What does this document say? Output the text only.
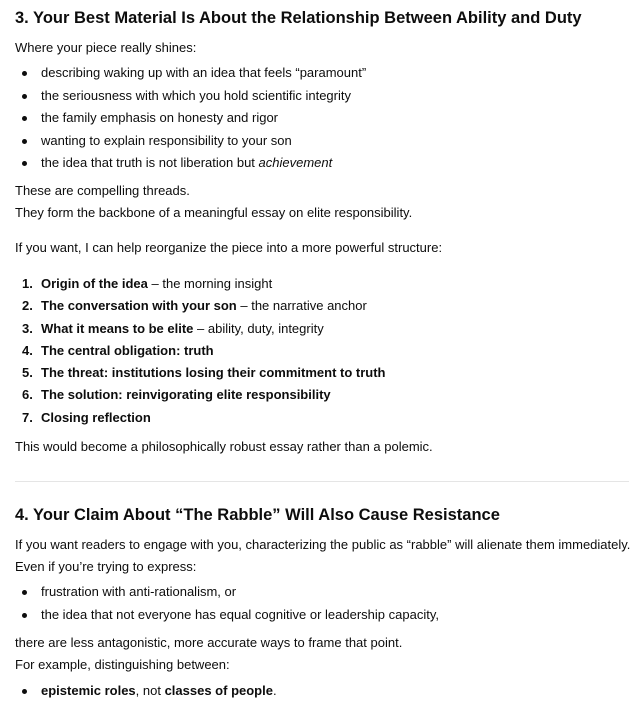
3. Your Best Material Is About the Relationship Between Ability and Duty

Where your piece really shines:

describing waking up with an idea that feels “paramount”
the seriousness with which you hold scientific integrity
the family emphasis on honesty and rigor
wanting to explain responsibility to your son
the idea that truth is not liberation but achievement

These are compelling threads.

They form the backbone of a meaningful essay on elite responsibility.

If you want, I can help reorganize the piece into a more powerful structure:

1. Origin of the idea – the morning insight
2. The conversation with your son – the narrative anchor
3. What it means to be elite – ability, duty, integrity
4. The central obligation: truth
5. The threat: institutions losing their commitment to truth
6. The solution: reinvigorating elite responsibility
7. Closing reflection

This would become a philosophically robust essay rather than a polemic.

4. Your Claim About “The Rabble” Will Also Cause Resistance

If you want readers to engage with you, characterizing the public as “rabble” will alienate them immediately.

Even if you’re trying to express:

frustration with anti-rationalism, or
the idea that not everyone has equal cognitive or leadership capacity,

there are less antagonistic, more accurate ways to frame that point.

For example, distinguishing between:

epistemic roles, not classes of people.
